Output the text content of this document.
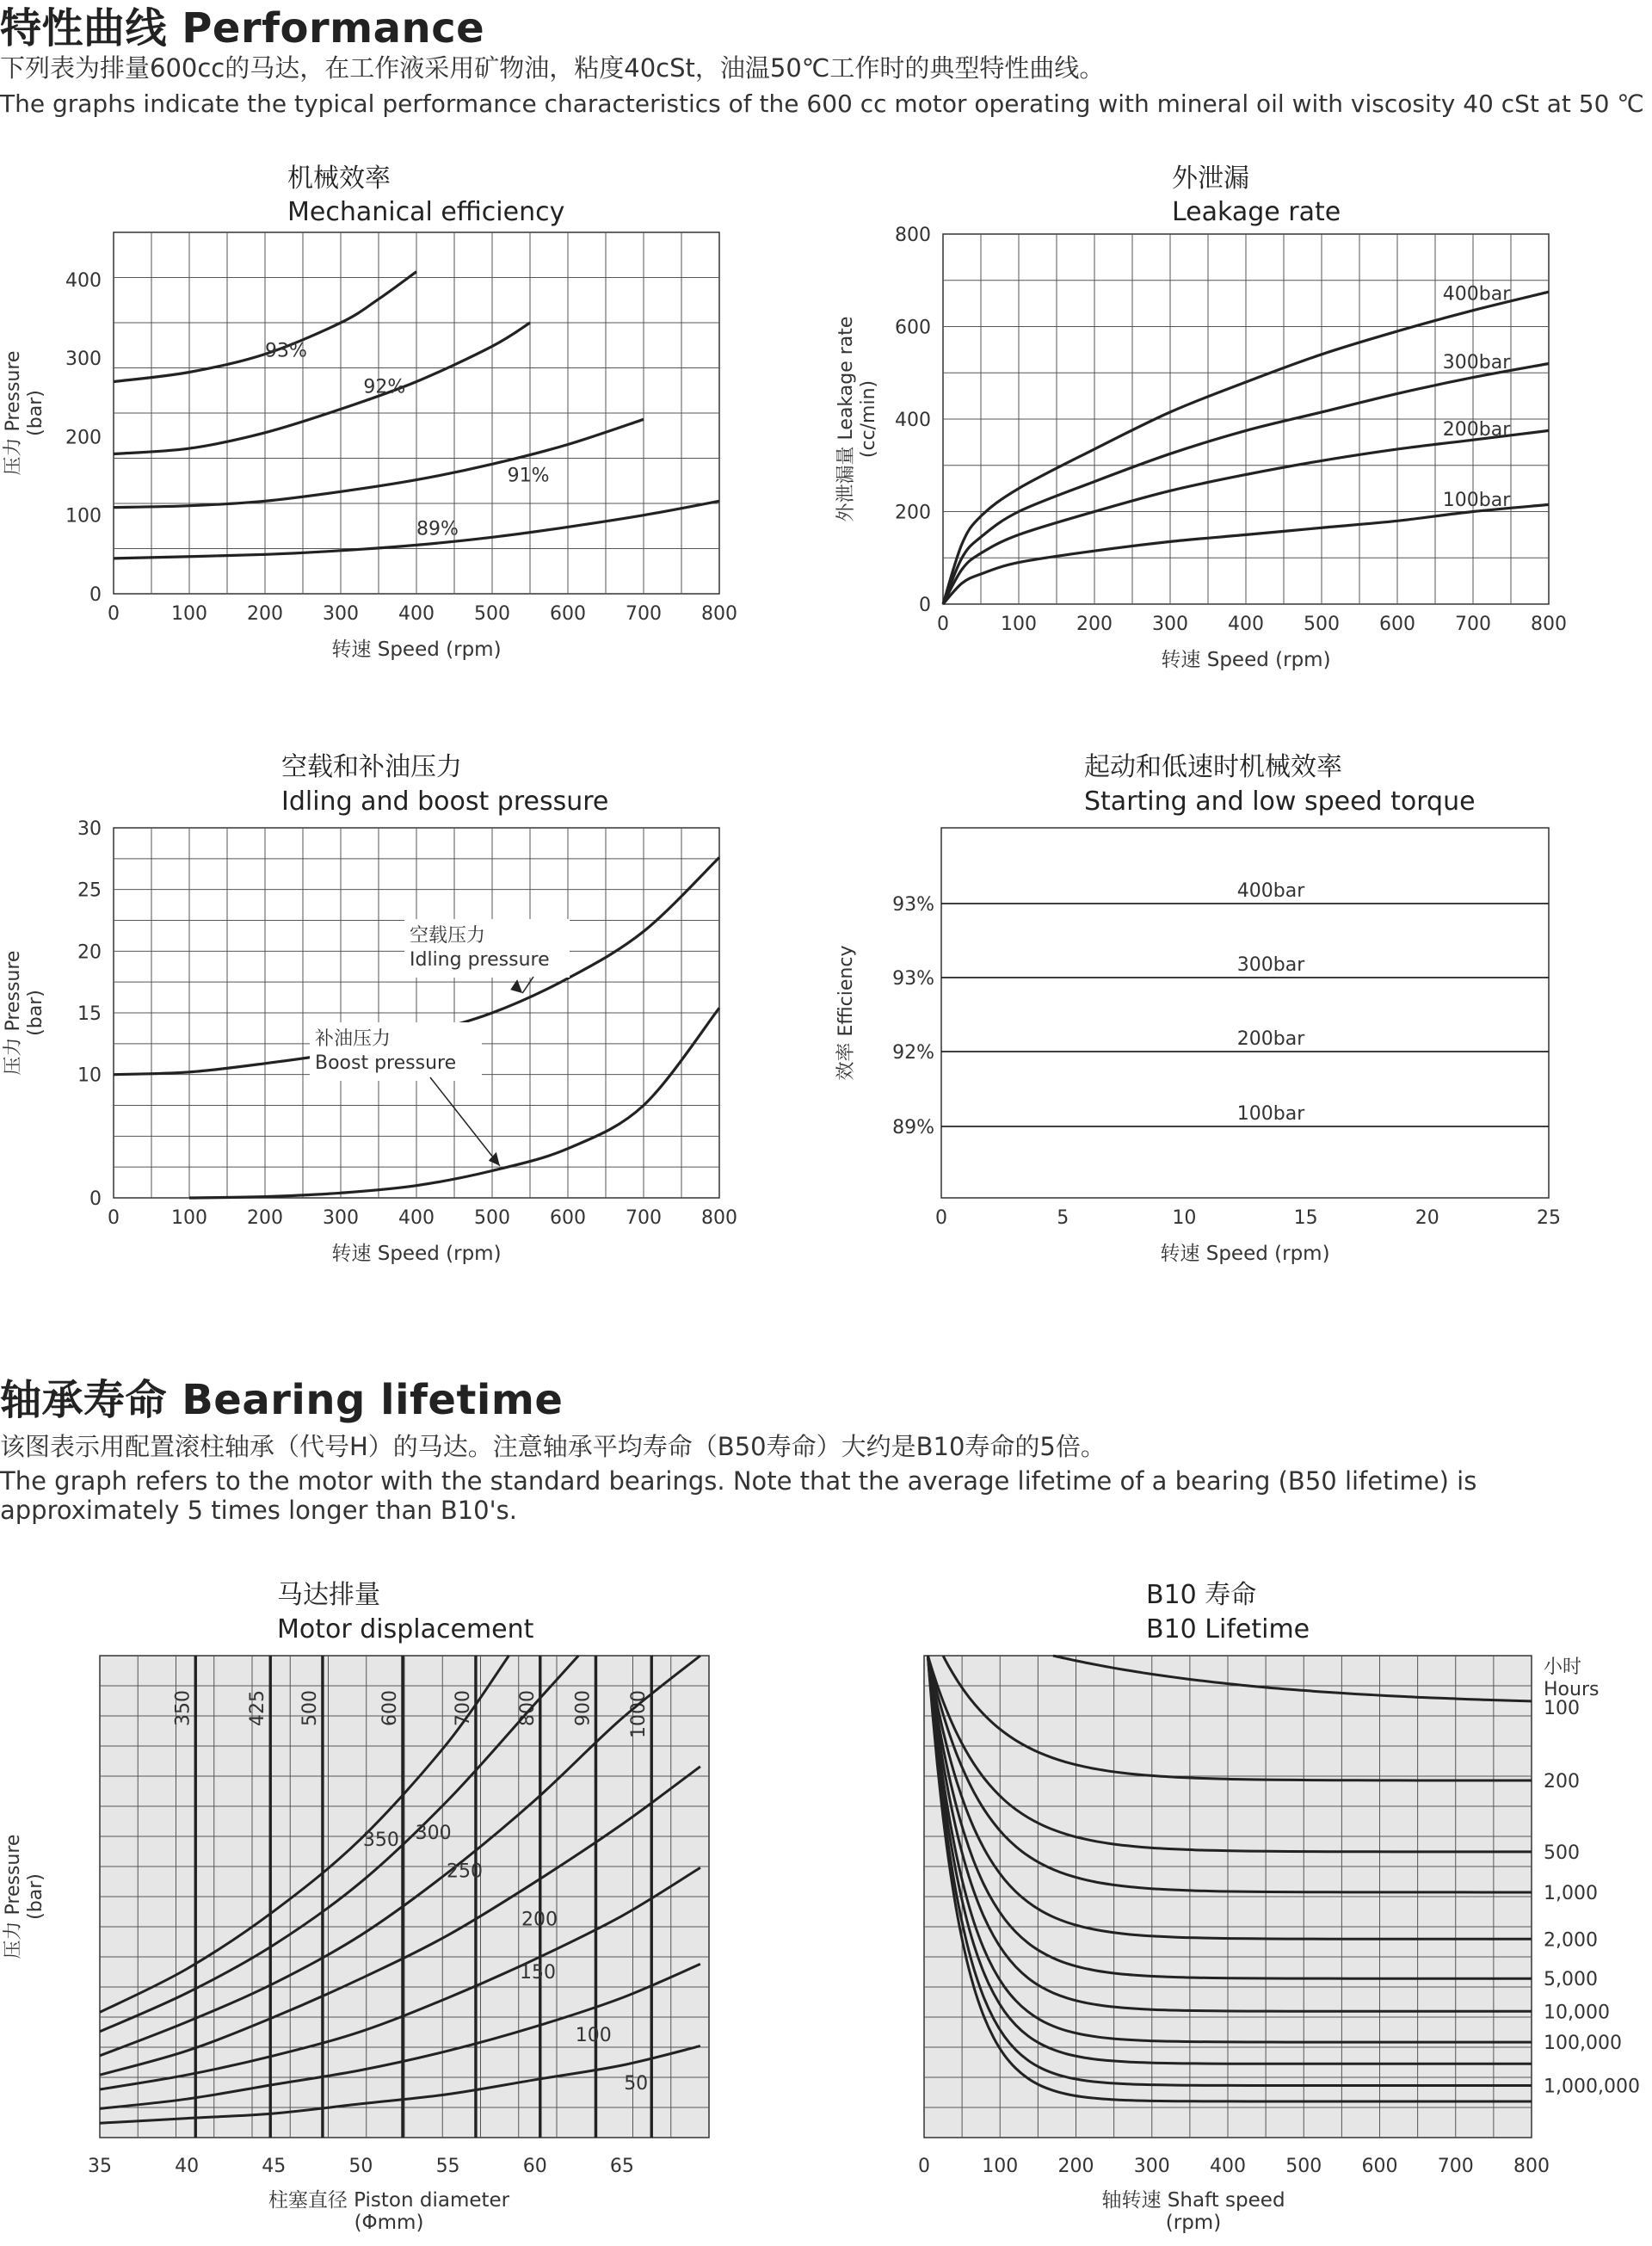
特性曲线 Performance
下列表为排量600cc的马达，在工作液采用矿物油，粘度40cSt，油温50℃工作时的典型特性曲线。
The graphs indicate the typical performance characteristics of the 600 cc motor operating with mineral oil with viscosity 40 cSt at 50 ℃
轴承寿命 Bearing lifetime
该图表示用配置滚柱轴承（代号H）的马达。注意轴承平均寿命（B50寿命）大约是B10寿命的5倍。
The graph refers to the motor with the standard bearings. Note that the average lifetime of a bearing (B50 lifetime) is approximately 5 times longer than B10's.
机械效率
Mechanical efficiency
外泄漏
Leakage rate
空载和补油压力
Idling and boost pressure
起动和低速时机械效率
Starting and low speed torque
马达排量
Motor displacement
B10 寿命
B10 Lifetime
0	100 200 300 400 500 600 700 800
0
100
200
300
400
转速 Speed (rpm)
压力 Pressure(bar)
93%
92%
91%
89%
0	100 200 300 400 500 600 700 800
0
200
400
600
800
转速 Speed (rpm)
外泄漏量 Leakage rate(cc/min)
400bar
300bar
200bar
100bar
0	100 200 300 400 500 600 700 800
0
10
15
20
25
30
转速 Speed (rpm)
压力 Pressure(bar)
空载压力
Idling pressure
补油压力
Boost pressure
0	5	10	15	20	25
转速 Speed (rpm)
效率 Efficiency
400bar
93%
300bar
93%
200bar
92%
100bar
89%
35	40	45	50	55	60	65
柱塞直径 Piston diameter
(Φmm)
压力 Pressure(bar)
350	425 500	600	700 800 900 1000
350 300
250
200
150
100
50
0	100 200 300 400 500 600 700 800
轴转速 Shaft speed
(rpm)
小时
Hours
100
200
500
1,000
2,000
5,000
10,000
100,000
1,000,000
